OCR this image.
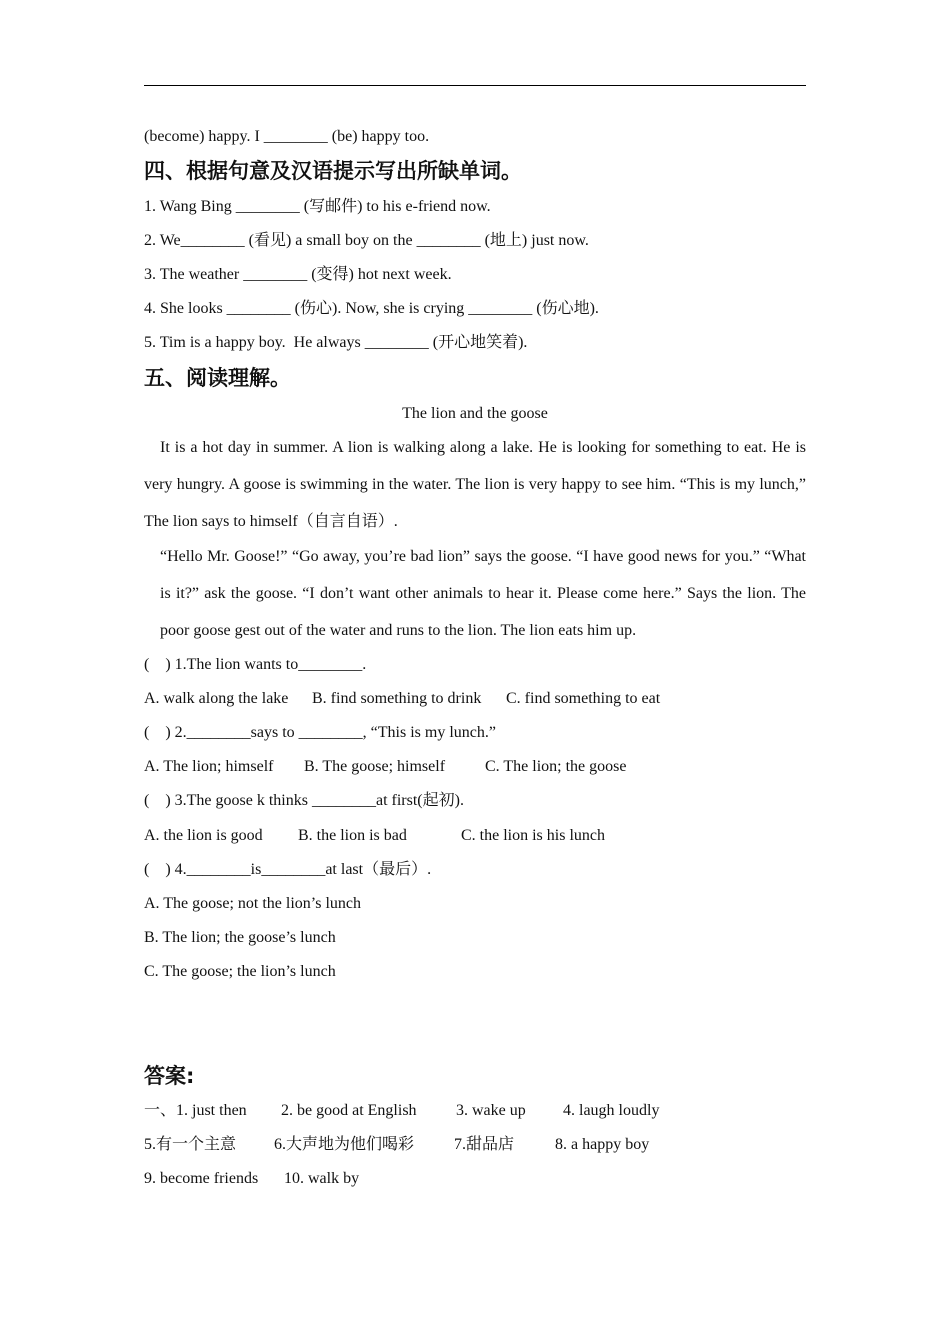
(become) happy. I ________ (be) happy too.
四、根据句意及汉语提示写出所缺单词。
1. Wang Bing ________ (写邮件) to his e-friend now.
2. We________ (看见) a small boy on the ________ (地上) just now.
3. The weather ________ (变得) hot next week.
4. She looks ________ (伤心). Now, she is crying ________ (伤心地).
5. Tim is a happy boy.  He always ________ (开心地笑着).
五、阅读理解。
The lion and the goose
It is a hot day in summer. A lion is walking along a lake. He is looking for something to eat. He is very hungry. A goose is swimming in the water. The lion is very happy to see him. “This is my lunch,” The lion says to himself（自言自语）.
“Hello Mr. Goose!” “Go away, you’re bad lion” says the goose. “I have good news for you.” “What is it?” ask the goose. “I don’t want other animals to hear it. Please come here.” Says the lion. The poor goose gest out of the water and runs to the lion. The lion eats him up.
(    ) 1.The lion wants to________.
A. walk along the lake B. find something to drink C. find something to eat
(    ) 2.________says to ________, “This is my lunch.”
A. The lion; himself B. The goose; himself C. The lion; the goose
(    ) 3.The goose k thinks ________at first(起初).
A. the lion is good B. the lion is bad	C. the lion is his lunch
(    ) 4.________is________at last（最后）.
A. The goose; not the lion’s lunch
B. The lion; the goose’s lunch
C. The goose; the lion’s lunch
答案:
一、1. just then 2. be good at English 3. wake up 4. laugh loudly
5.有一个主意 6.大声地为他们喝彩 7.甜品店	8. a happy boy
9. become friends 10. walk by
